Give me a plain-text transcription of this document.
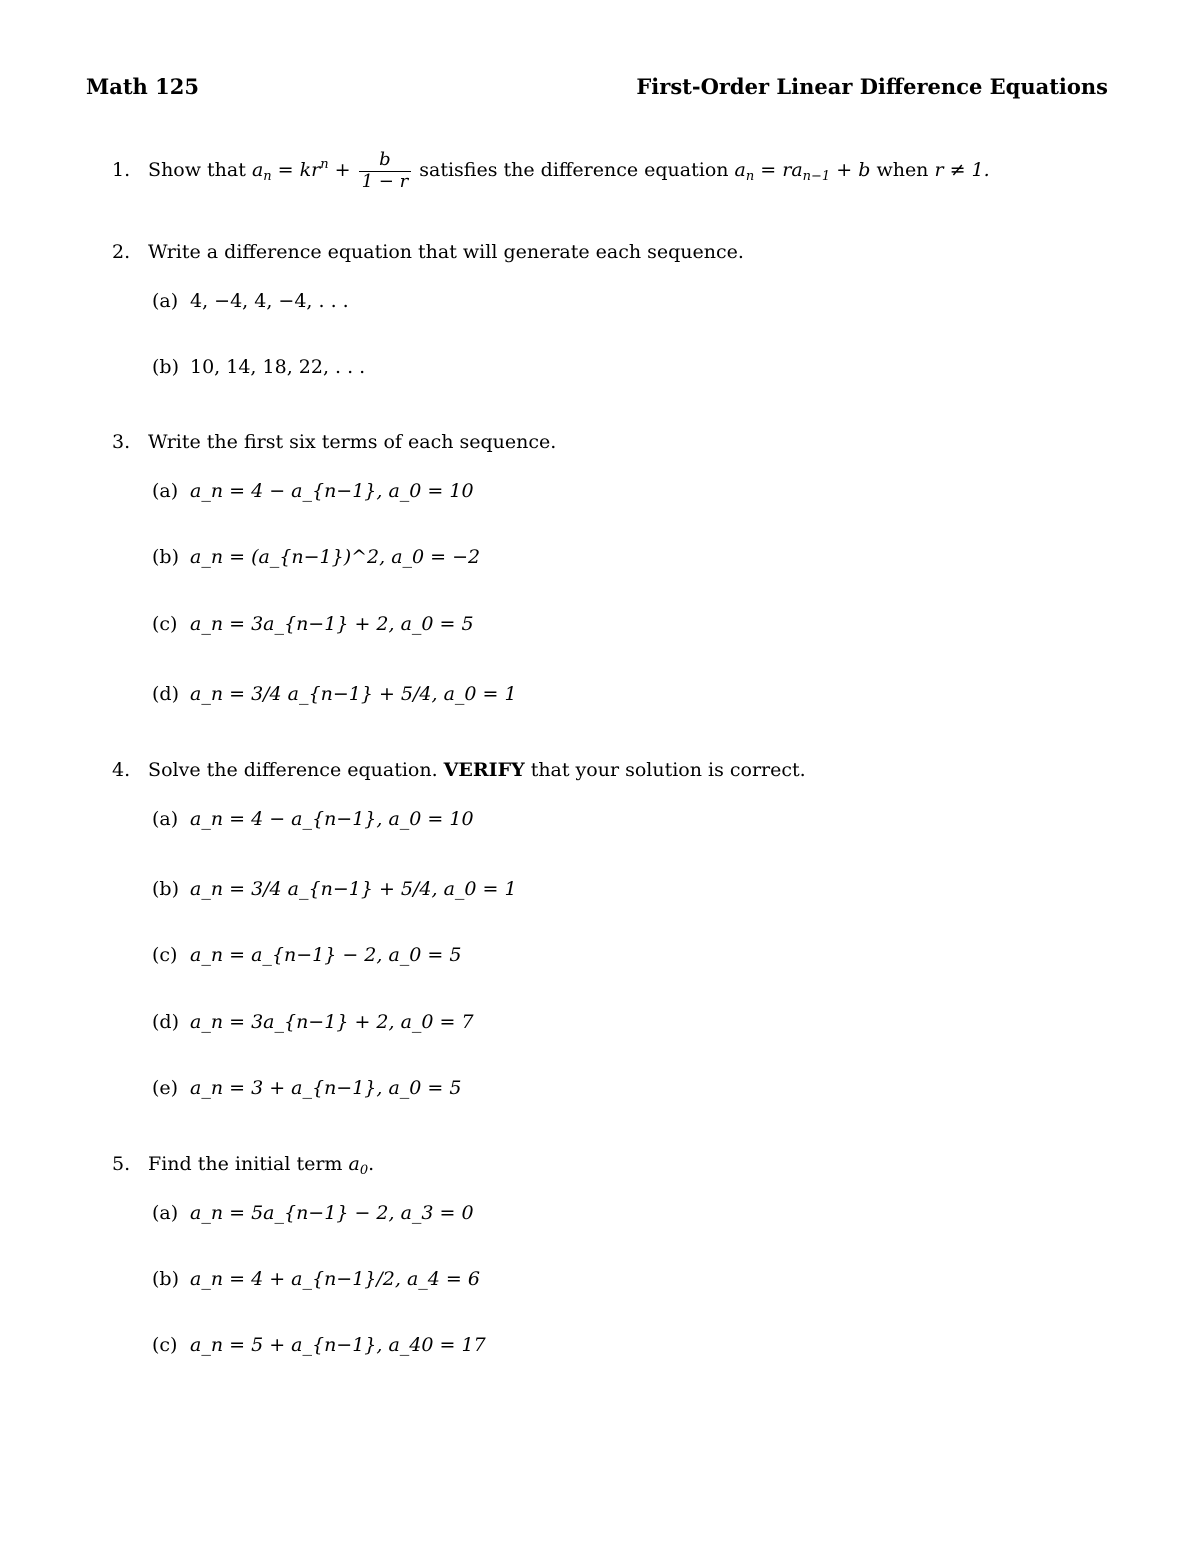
Math 125	First-Order Linear Difference Equations
1. Show that $a_n = kr^n + \frac{b}{1 - r}$ satisfies the difference equation $a_n = ra_{n-1} + b$ when r ≠ 1.
2. Write a difference equation that will generate each sequence.
(a) 4, −4, 4, −4, . . .
(b) 10, 14, 18, 22, . . .
3. Write the first six terms of each sequence.
(a) a_n = 4 − a_{n−1}, a_0 = 10
(b) a_n = (a_{n−1})^2, a_0 = −2
(c) a_n = 3a_{n−1} + 2, a_0 = 5
(d) a_n = 3/4 a_{n−1} + 5/4, a_0 = 1
4. Solve the difference equation. VERIFY that your solution is correct.
(a) a_n = 4 − a_{n−1}, a_0 = 10
(b) a_n = 3/4 a_{n−1} + 5/4, a_0 = 1
(c) a_n = a_{n−1} − 2, a_0 = 5
(d) a_n = 3a_{n−1} + 2, a_0 = 7
(e) a_n = 3 + a_{n−1}, a_0 = 5
5. Find the initial term $a_0$.
(a) a_n = 5a_{n−1} − 2, a_3 = 0
(b) a_n = 4 + a_{n−1}/2, a_4 = 6
(c) a_n = 5 + a_{n−1}, a_40 = 17
